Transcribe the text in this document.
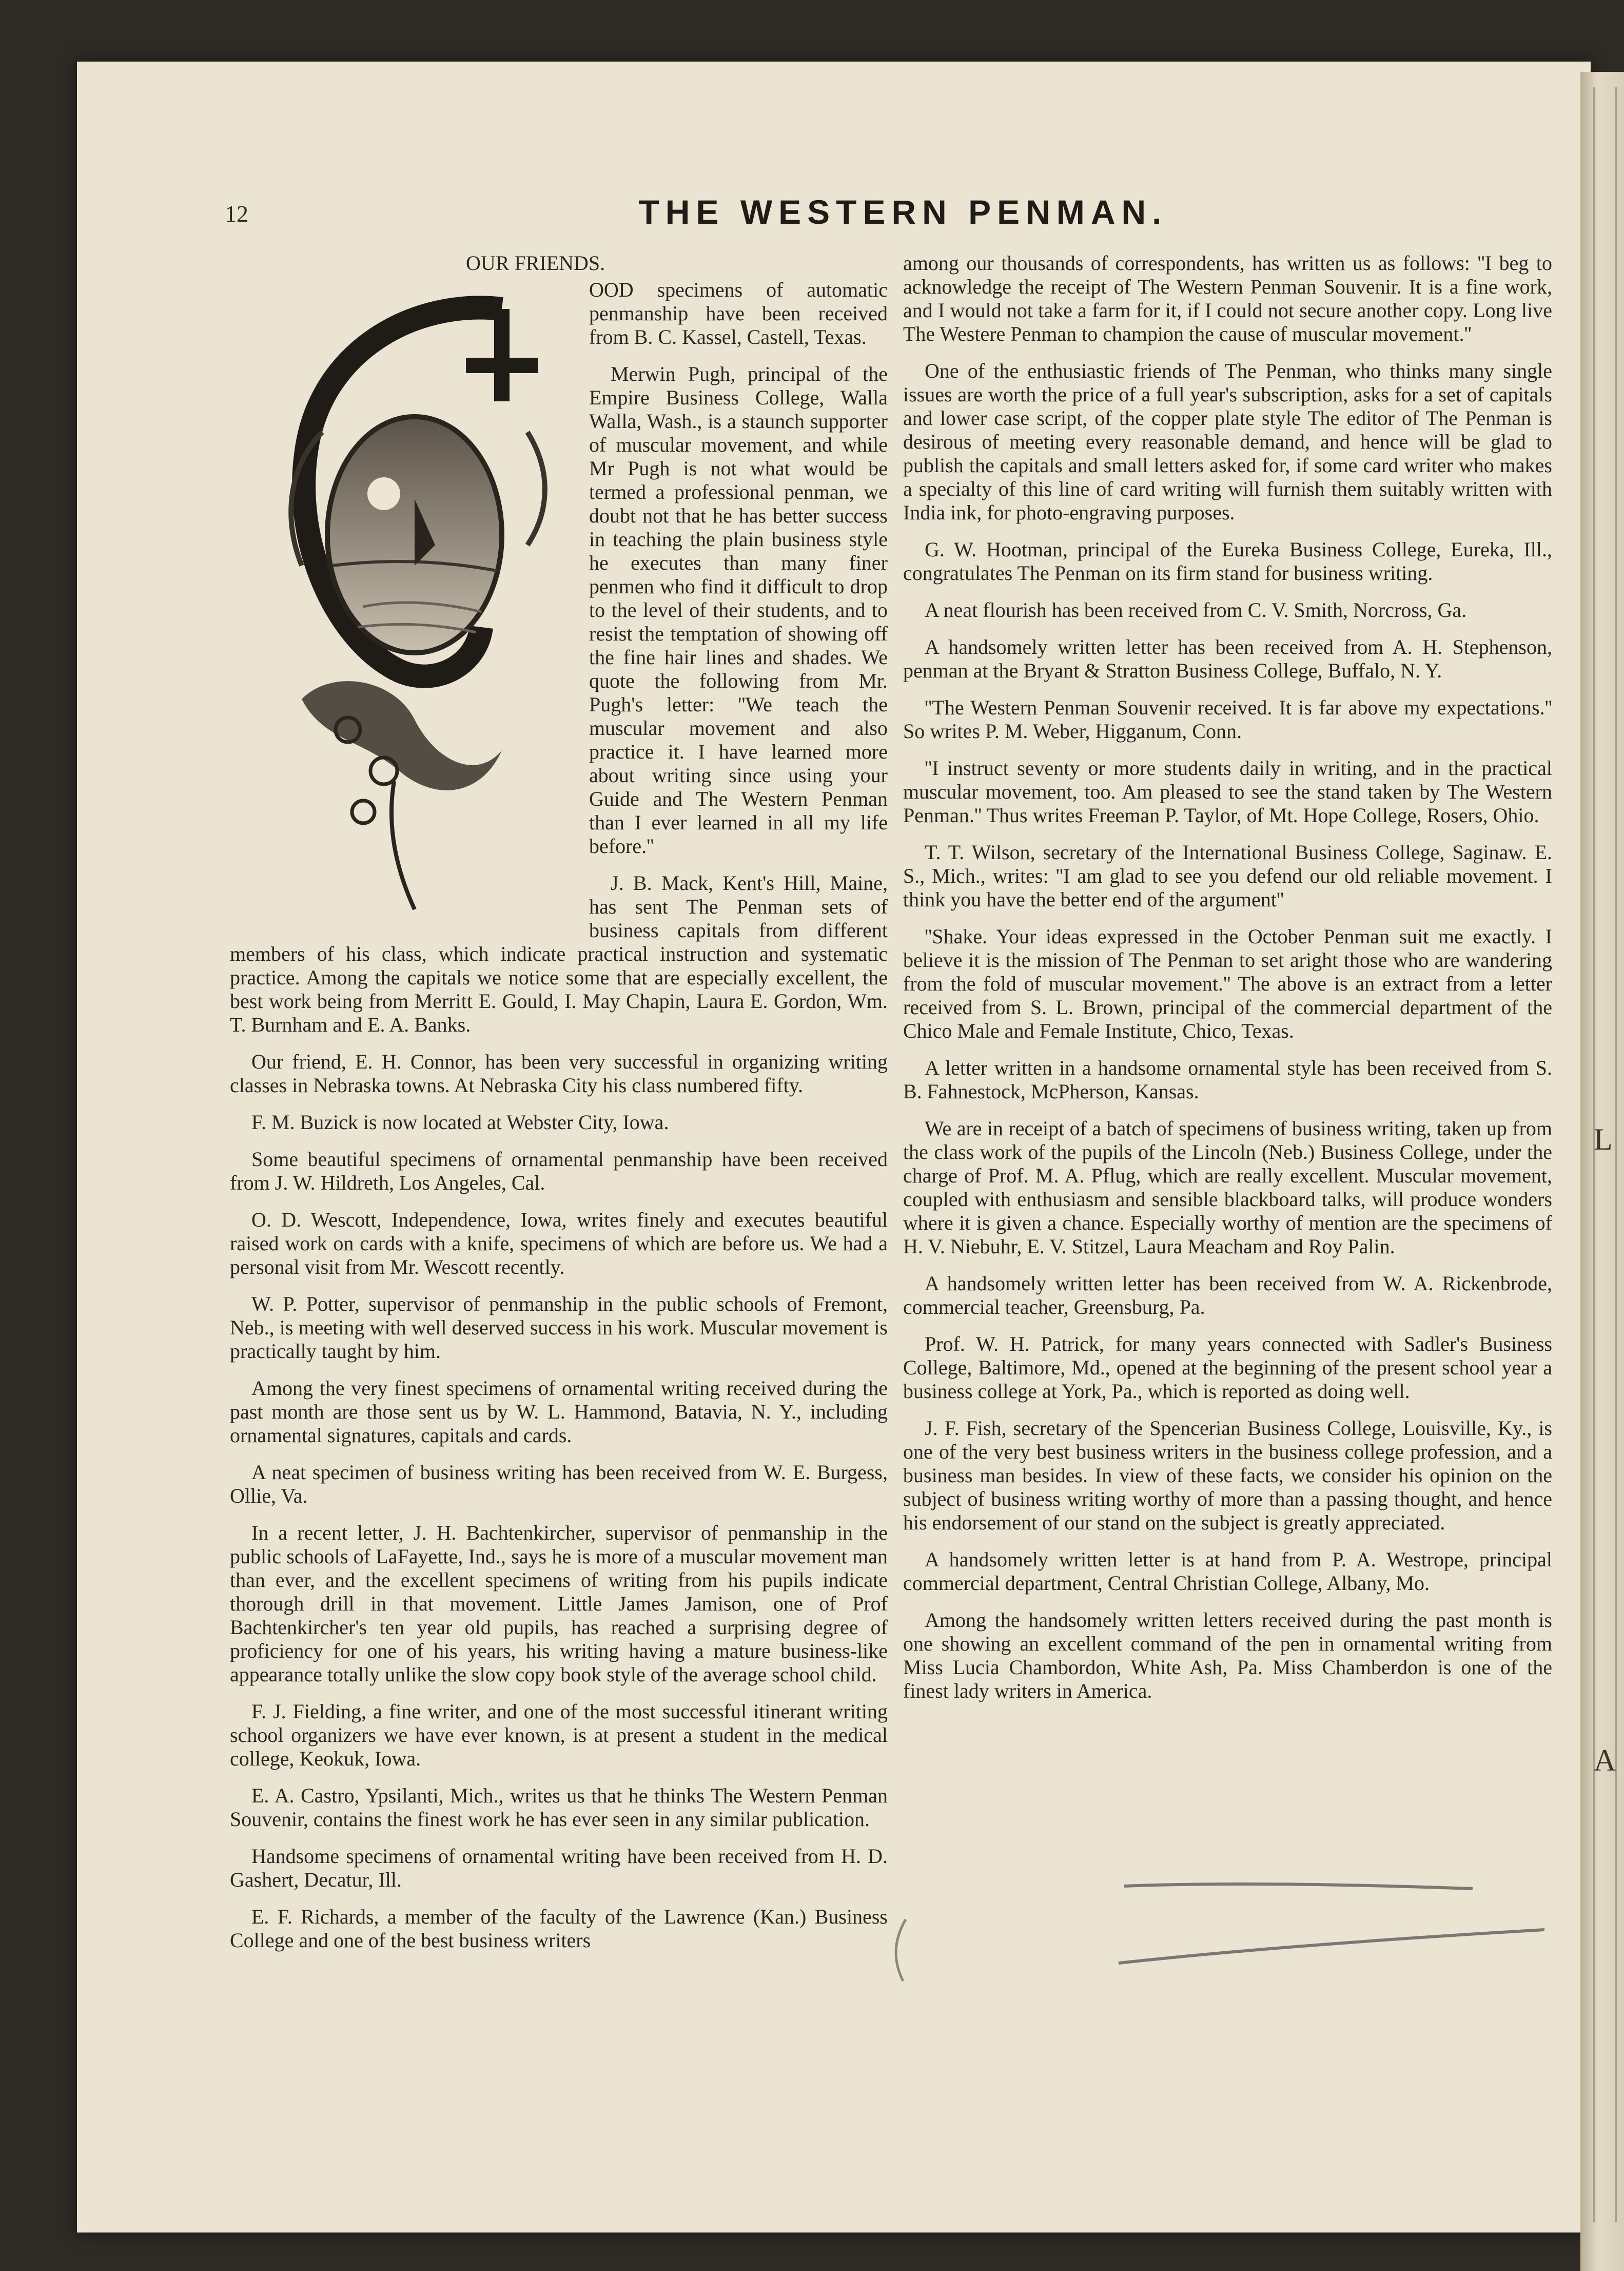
L
A
12	THE WESTERN PENMAN.

OUR FRIENDS.

OOD specimens of automatic penmanship have been received from B. C. Kassel, Castell, Texas.

Merwin Pugh, principal of the Empire Business College, Walla Walla, Wash., is a staunch supporter of muscular movement, and while Mr Pugh is not what would be termed a professional penman, we doubt not that he has better success in teaching the plain business style he executes than many finer penmen who find it difficult to drop to the level of their students, and to resist the temptation of showing off the fine hair lines and shades. We quote the following from Mr. Pugh's letter: ''We teach the muscular movement and also practice it. I have learned more about writing since using your Guide and The Western Penman than I ever learned in all my life before.''

J. B. Mack, Kent's Hill, Maine, has sent The Penman sets of business capitals from different members of his class, which indicate practical instruction and systematic practice. Among the capitals we notice some that are especially excellent, the best work being from Merritt E. Gould, I. May Chapin, Laura E. Gordon, Wm. T. Burnham and E. A. Banks.

Our friend, E. H. Connor, has been very successful in organizing writing classes in Nebraska towns. At Nebraska City his class numbered fifty.

F. M. Buzick is now located at Webster City, Iowa.

Some beautiful specimens of ornamental penmanship have been received from J. W. Hildreth, Los Angeles, Cal.

O. D. Wescott, Independence, Iowa, writes finely and executes beautiful raised work on cards with a knife, specimens of which are before us. We had a personal visit from Mr. Wescott recently.

W. P. Potter, supervisor of penmanship in the public schools of Fremont, Neb., is meeting with well deserved success in his work. Muscular movement is practically taught by him.

Among the very finest specimens of ornamental writing received during the past month are those sent us by W. L. Hammond, Batavia, N. Y., including ornamental signatures, capitals and cards.

A neat specimen of business writing has been received from W. E. Burgess, Ollie, Va.

In a recent letter, J. H. Bachtenkircher, supervisor of penmanship in the public schools of LaFayette, Ind., says he is more of a muscular movement man than ever, and the excellent specimens of writing from his pupils indicate thorough drill in that movement. Little James Jamison, one of Prof Bachtenkircher's ten year old pupils, has reached a surprising degree of proficiency for one of his years, his writing having a mature business-like appearance totally unlike the slow copy book style of the average school child.

F. J. Fielding, a fine writer, and one of the most successful itinerant writing school organizers we have ever known, is at present a student in the medical college, Keokuk, Iowa.

E. A. Castro, Ypsilanti, Mich., writes us that he thinks The Western Penman Souvenir, contains the finest work he has ever seen in any similar publication.

Handsome specimens of ornamental writing have been received from H. D. Gashert, Decatur, Ill.

E. F. Richards, a member of the faculty of the Lawrence (Kan.) Business College and one of the best business writers

among our thousands of correspondents, has written us as follows: ''I beg to acknowledge the receipt of The Western Penman Souvenir. It is a fine work, and I would not take a farm for it, if I could not secure another copy. Long live The Westere Penman to champion the cause of muscular movement.''

One of the enthusiastic friends of The Penman, who thinks many single issues are worth the price of a full year's subscription, asks for a set of capitals and lower case script, of the copper plate style The editor of The Penman is desirous of meeting every reasonable demand, and hence will be glad to publish the capitals and small letters asked for, if some card writer who makes a specialty of this line of card writing will furnish them suitably written with India ink, for photo-engraving purposes.

G. W. Hootman, principal of the Eureka Business College, Eureka, Ill., congratulates The Penman on its firm stand for business writing.

A neat flourish has been received from C. V. Smith, Norcross, Ga.

A handsomely written letter has been received from A. H. Stephenson, penman at the Bryant & Stratton Business College, Buffalo, N. Y.

''The Western Penman Souvenir received. It is far above my expectations.'' So writes P. M. Weber, Higganum, Conn.

''I instruct seventy or more students daily in writing, and in the practical muscular movement, too. Am pleased to see the stand taken by The Western Penman.'' Thus writes Freeman P. Taylor, of Mt. Hope College, Rosers, Ohio.

T. T. Wilson, secretary of the International Business College, Saginaw. E. S., Mich., writes: ''I am glad to see you defend our old reliable movement. I think you have the better end of the argument''

''Shake. Your ideas expressed in the October Penman suit me exactly. I believe it is the mission of The Penman to set aright those who are wandering from the fold of muscular movement.'' The above is an extract from a letter received from S. L. Brown, principal of the commercial department of the Chico Male and Female Institute, Chico, Texas.

A letter written in a handsome ornamental style has been received from S. B. Fahnestock, McPherson, Kansas.

We are in receipt of a batch of specimens of business writing, taken up from the class work of the pupils of the Lincoln (Neb.) Business College, under the charge of Prof. M. A. Pflug, which are really excellent. Muscular movement, coupled with enthusiasm and sensible blackboard talks, will produce wonders where it is given a chance. Especially worthy of mention are the specimens of H. V. Niebuhr, E. V. Stitzel, Laura Meacham and Roy Palin.

A handsomely written letter has been received from W. A. Rickenbrode, commercial teacher, Greensburg, Pa.

Prof. W. H. Patrick, for many years connected with Sadler's Business College, Baltimore, Md., opened at the beginning of the present school year a business college at York, Pa., which is reported as doing well.

J. F. Fish, secretary of the Spencerian Business College, Louisville, Ky., is one of the very best business writers in the business college profession, and a business man besides. In view of these facts, we consider his opinion on the subject of business writing worthy of more than a passing thought, and hence his endorsement of our stand on the subject is greatly appreciated.

A handsomely written letter is at hand from P. A. Westrope, principal commercial department, Central Christian College, Albany, Mo.

Among the handsomely written letters received during the past month is one showing an excellent command of the pen in ornamental writing from Miss Lucia Chambordon, White Ash, Pa. Miss Chamberdon is one of the finest lady writers in America.
